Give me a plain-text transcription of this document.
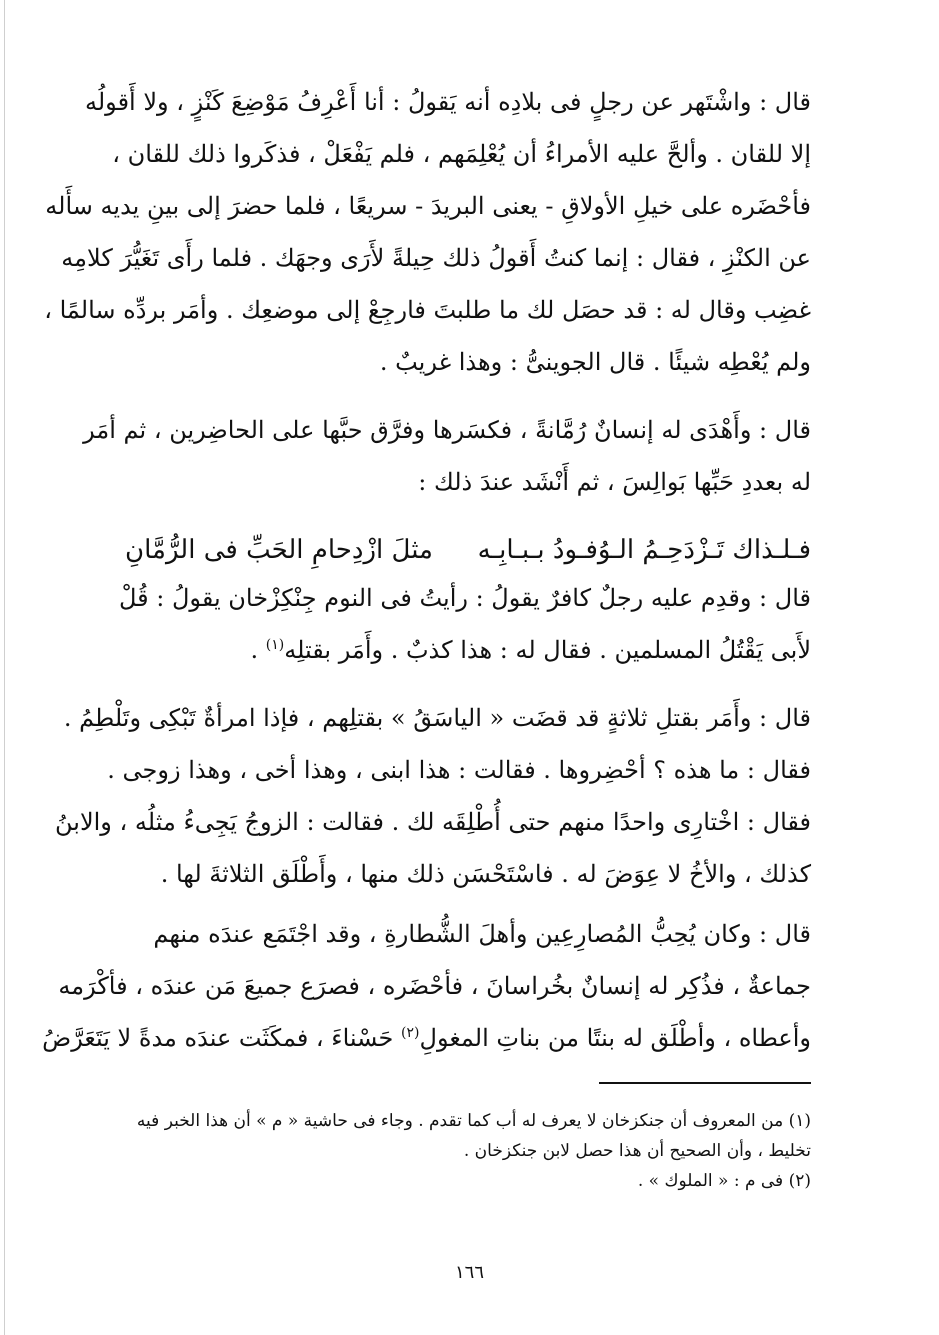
قال : واشْتَهر عن رجلٍ فى بلادِه أنه يَقولُ : أنا أَعْرِفُ مَوْضِعَ كَنْزٍ ، ولا أَقولُه
إلا للقان . وألحَّ عليه الأمراءُ أن يُعْلِمَهم ، فلم يَفْعَلْ ، فذكَروا ذلك للقان ،
فأحْضَره على خيلِ الأولاقِ - يعنى البريدَ - سريعًا ، فلما حضرَ إلى بينِ يديه سأَله
عن الكنْزِ ، فقال : إنما كنتُ أَقولُ ذلك حِيلةً لأَرَى وجهَك . فلما رأَى تَغَيُّرَ كلامِه
غضِب وقال له : قد حصَل لك ما طلبتَ فارجِعْ إلى موضعِك . وأمَر بردِّه سالمًا ،
ولم يُعْطِه شيئًا . قال الجوينىُّ : وهذا غريبٌ .
قال : وأَهْدَى له إنسانٌ رُمَّانةً ، فكسَرها وفرَّق حبَّها على الحاضِرين ، ثم أمَر
له بعددِ حَبِّها بَوالِسَ ، ثم أَنْشَد عندَ ذلك :
فـلـذاك تَـزْدَحِـمُ الـوُفـودُ بـبـابِـه
مثلَ ازْدِحامِ الحَبِّ فى الرُّمَّانِ
قال : وقدِم عليه رجلٌ كافرٌ يقولُ : رأيتُ فى النوم جِنْكِزْخان يقولُ : قُلْ
لأَبى يَقْتُلُ المسلمين . فقال له : هذا كذبٌ . وأَمَر بقتلِه$^{(١)}$ .
قال : وأَمَر بقتلِ ثلاثةٍ قد قضَت « الياسَقُ » بقتلِهم ، فإذا امرأةٌ تَبْكِى وتَلْطِمُ .
فقال : ما هذه ؟ أحْضِروها . فقالت : هذا ابنى ، وهذا أخى ، وهذا زوجى .
فقال : اخْتارِى واحدًا منهم حتى أُطْلِقَه لك . فقالت : الزوجُ يَجِىءُ مثلُه ، والابنُ
كذلك ، والأخُ لا عِوَضَ له . فاسْتَحْسَن ذلك منها ، وأَطْلَق الثلاثةَ لها .
قال : وكان يُحِبُّ المُصارِعِين وأهلَ الشُّطارةِ ، وقد اجْتَمَع عندَه منهم
جماعةٌ ، فذُكِر له إنسانٌ بخُراسانَ ، فأحْضَره ، فصرَع جميعَ مَن عندَه ، فأكْرَمه
وأعطاه ، وأطْلَق له بنتًا من بناتِ المغولِ$^{(٢)}$ حَسْناءَ ، فمكَثَت عندَه مدةً لا يَتَعَرَّضُ
(١) من المعروف أن جنكزخان لا يعرف له أب كما تقدم . وجاء فى حاشية « م » أن هذا الخبر فيه
تخليط ، وأن الصحيح أن هذا حصل لابن جنكزخان .
(٢) فى م : « الملوك » .
١٦٦
